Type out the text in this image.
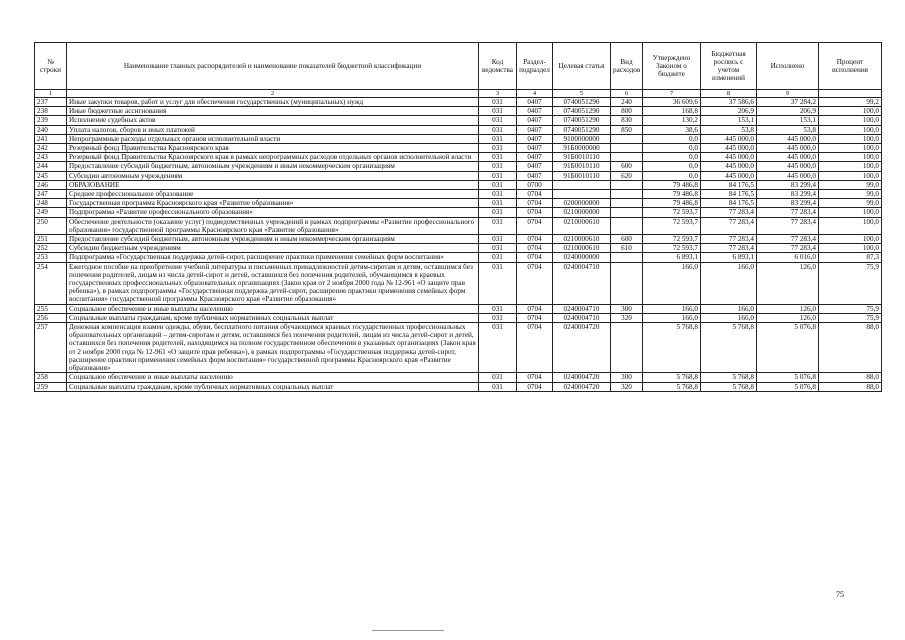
№ строки	Наименование главных распорядителей и наименование показателей бюджетной классификации	Код ведомства	Раздел-подраздел	Целевая статья	Вид расходов	Утверждено Законом о бюджете	Бюджетная роспись с учетом изменений	Исполнено	Процент исполнения
1	2	3	4	5	6	7	8	9	
237	Иные закупки товаров, работ и услуг для обеспечения государственных (муниципальных) нужд	031	0407	0740051290	240	36 609,6	37 586,6	37 284,2	99,2
238	Иные бюджетные ассигнования	031	0407	0740051290	800	168,8	206,9	206,9	100,0
239	Исполнение судебных актов	031	0407	0740051290	830	130,2	153,1	153,1	100,0
240	Уплата налогов, сборов и иных платежей	031	0407	0740051290	850	38,6	53,8	53,8	100,0
241	Непрограммные расходы отдельных органов исполнительной власти	031	0407	9100000000		0,0	445 000,0	445 000,0	100,0
242	Резервный фонд Правительства Красноярского края	031	0407	91Б0000000		0,0	445 000,0	445 000,0	100,0
243	Резервный фонд Правительства Красноярского края в рамках непрограммных расходов отдельных органов исполнительной власти	031	0407	91Б0010110		0,0	445 000,0	445 000,0	100,0
244	Предоставление субсидий бюджетным, автономным учреждениям и иным некоммерческим организациям	031	0407	91Б0010110	600	0,0	445 000,0	445 000,0	100,0
245	Субсидии автономным учреждениям	031	0407	91Б0010110	620	0,0	445 000,0	445 000,0	100,0
246	ОБРАЗОВАНИЕ	031	0700			79 486,8	84 176,5	83 299,4	99,0
247	Среднее профессиональное образование	031	0704			79 486,8	84 176,5	83 299,4	99,0
248	Государственная программа Красноярского края «Развитие образования»	031	0704	0200000000		79 486,8	84 176,5	83 299,4	99,0
249	Подпрограмма «Развитие профессионального образования»	031	0704	0210000000		72 593,7	77 283,4	77 283,4	100,0
250	Обеспечение деятельности (оказание услуг) подведомственных учреждений в рамках подпрограммы «Развитие профессионального образования» государственной программы Красноярского края «Развитие образования»	031	0704	0210000610		72 593,7	77 283,4	77 283,4	100,0
251	Предоставление субсидий бюджетным, автономным учреждениям и иным некоммерческим организациям	031	0704	0210000610	600	72 593,7	77 283,4	77 283,4	100,0
252	Субсидии бюджетным учреждениям	031	0704	0210000610	610	72 593,7	77 283,4	77 283,4	100,0
253	Подпрограмма «Государственная поддержка детей-сирот, расширение практики применения семейных форм воспитания»	031	0704	0240000000		6 893,1	6 893,1	6 016,0	87,3
254	Ежегодное пособие на приобретение учебной литературы и письменных принадлежностей детям-сиротам и детям, оставшимся без попечения родителей, лицам из числа детей-сирот и детей, оставшихся без попечения родителей, обучающимся в краевых государственных профессиональных образовательных организациях (Закон края от 2 ноября 2000 года № 12-961 «О защите прав ребенка»), в рамках подпрограммы «Государственная поддержка детей-сирот, расширение практики применения семейных форм воспитания» государственной программы Красноярского края «Развитие образования»	031	0704	0240004710		166,0	166,0	126,0	75,9
255	Социальное обеспечение и иные выплаты населению	031	0704	0240004710	300	166,0	166,0	126,0	75,9
256	Социальные выплаты гражданам, кроме публичных нормативных социальных выплат	031	0704	0240004710	320	166,0	166,0	126,0	75,9
257	Денежная компенсация взамен одежды, обуви, бесплатного питания обучающимся краевых государственных профессиональных образовательных организаций – детям-сиротам и детям, оставшимся без попечения родителей, лицам из числа детей-сирот и детей, оставшихся без попечения родителей, находящимся на полном государственном обеспечении в указанных организациях (Закон края от 2 ноября 2000 года № 12-961 «О защите прав ребенка»), в рамках подпрограммы «Государственная поддержка детей-сирот, расширение практики применения семейных форм воспитания» государственной программы Красноярского края «Развитие образования»	031	0704	0240004720		5 768,8	5 768,8	5 076,8	88,0
258	Социальное обеспечение и иные выплаты населению	031	0704	0240004720	300	5 768,8	5 768,8	5 076,8	88,0
259	Социальные выплаты гражданам, кроме публичных нормативных социальных выплат	031	0704	0240004720	320	5 768,8	5 768,8	5 076,8	88,0
75
